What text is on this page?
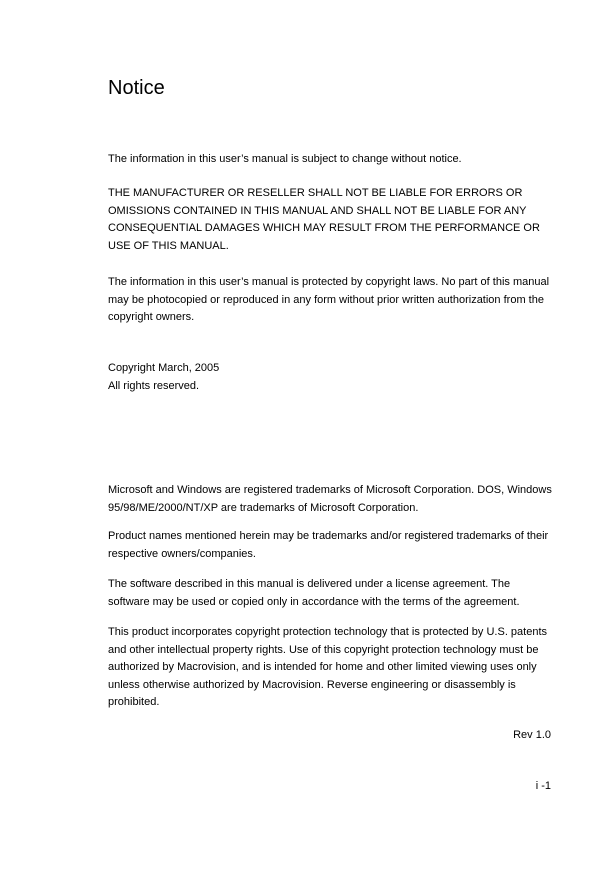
Notice

The information in this user’s manual is subject to change without notice.

THE MANUFACTURER OR RESELLER SHALL NOT BE LIABLE FOR ERRORS OR OMISSIONS CONTAINED IN THIS MANUAL AND SHALL NOT BE LIABLE FOR ANY CONSEQUENTIAL DAMAGES WHICH MAY RESULT FROM THE PERFORMANCE OR USE OF THIS MANUAL.

The information in this user’s manual is protected by copyright laws. No part of this manual may be photocopied or reproduced in any form without prior written authorization from the copyright owners.

Copyright March, 2005

All rights reserved.

Microsoft and Windows are registered trademarks of Microsoft Corporation. DOS, Windows 95/98/ME/2000/NT/XP are trademarks of Microsoft Corporation.

Product names mentioned herein may be trademarks and/or registered trademarks of their respective owners/companies.

The software described in this manual is delivered under a license agreement. The software may be used or copied only in accordance with the terms of the agreement.

This product incorporates copyright protection technology that is protected by U.S. patents and other intellectual property rights. Use of this copyright protection technology must be authorized by Macrovision, and is intended for home and other limited viewing uses only unless otherwise authorized by Macrovision. Reverse engineering or disassembly is prohibited.

Rev 1.0

i -1
